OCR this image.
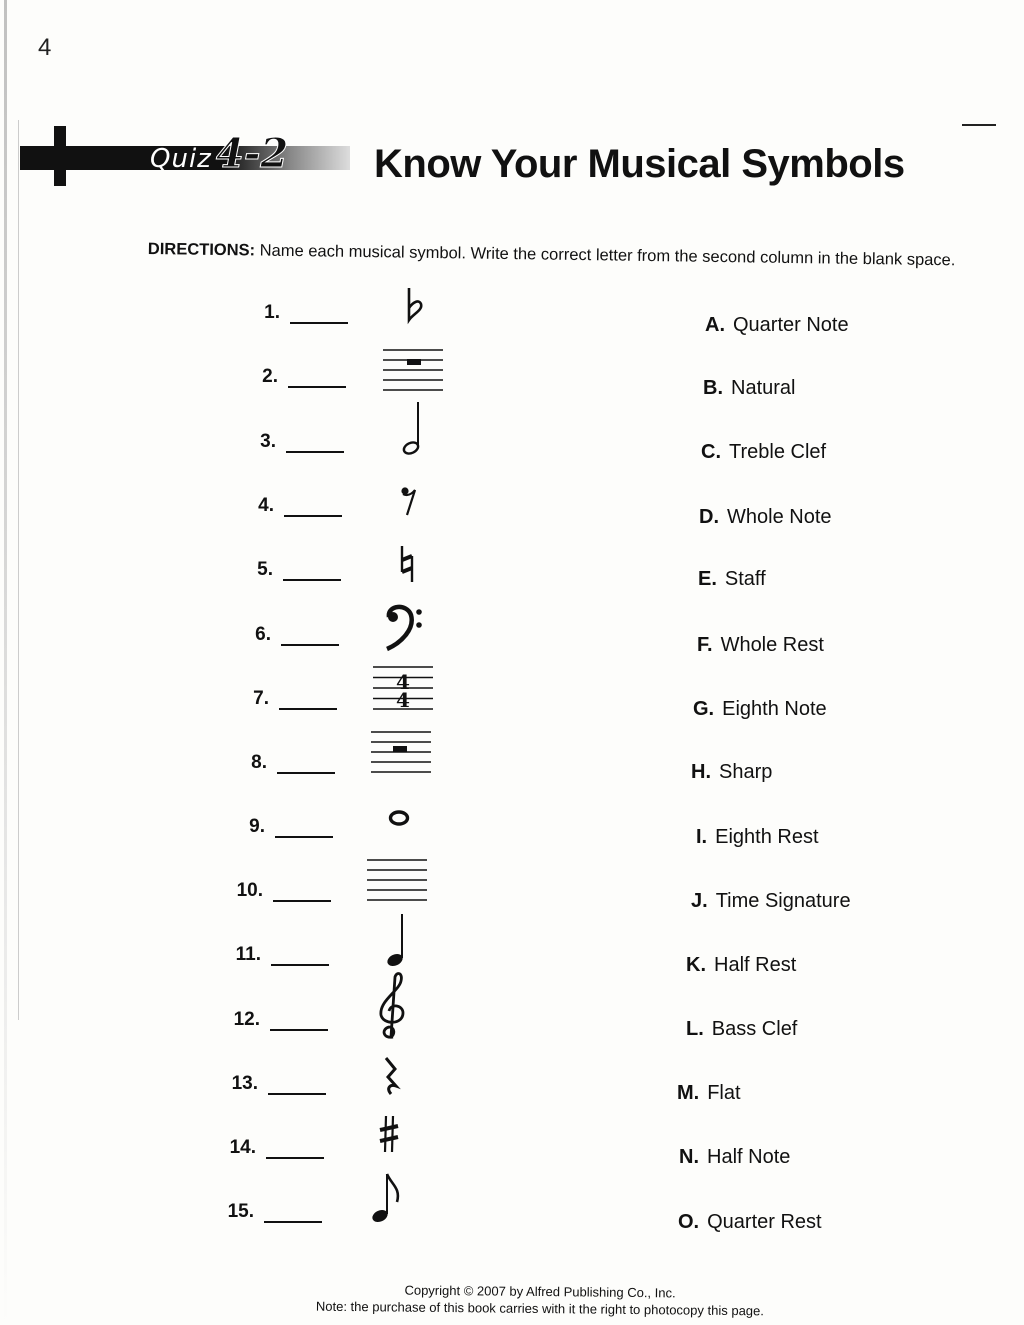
4
Quiz 4-2 Know Your Musical Symbols
DIRECTIONS: Name each musical symbol. Write the correct letter from the second column in the blank space.
1.
2.
3.
4.
5.
6.
7.
8.
9.
10.
11.
12.
13.
14.
15.
4
4
A. Quarter Note
B. Natural
C. Treble Clef
D. Whole Note
E. Staff
F. Whole Rest
G. Eighth Note
H. Sharp
I. Eighth Rest
J. Time Signature
K. Half Rest
L. Bass Clef
M. Flat
N. Half Note
O. Quarter Rest
Copyright © 2007 by Alfred Publishing Co., Inc.
Note: the purchase of this book carries with it the right to photocopy this page.
